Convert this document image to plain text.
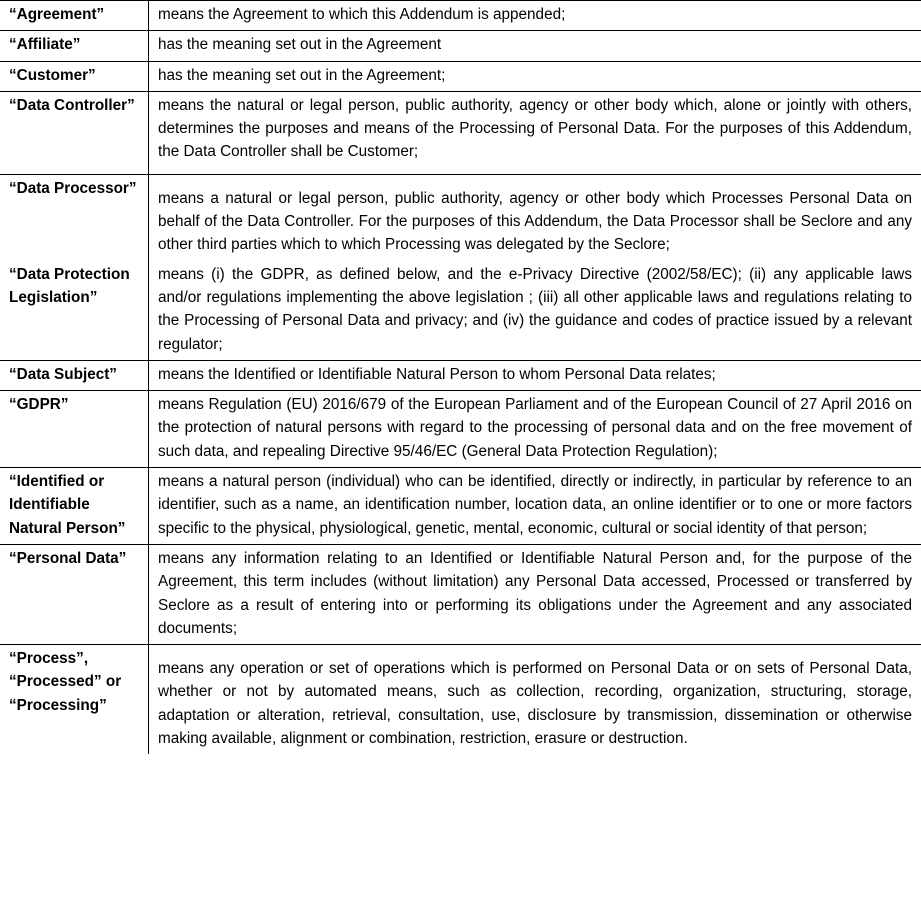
“Agreement”	means the Agreement to which this Addendum is appended;
“Affiliate”	has the meaning set out in the Agreement
“Customer”	has the meaning set out in the Agreement;
“Data Controller”	means the natural or legal person, public authority, agency or other body which, alone or jointly with others, determines the purposes and means of the Processing of Personal Data. For the purposes of this Addendum, the Data Controller shall be Customer;
“Data Processor”	means a natural or legal person, public authority, agency or other body which Processes Personal Data on behalf of the Data Controller. For the purposes of this Addendum, the Data Processor shall be Seclore and any other third parties which to which Processing was delegated by the Seclore;
“Data Protection Legislation”	means (i) the GDPR, as defined below, and the e-Privacy Directive (2002/58/EC); (ii) any applicable laws and/or regulations implementing the above legislation ; (iii) all other applicable laws and regulations relating to the Processing of Personal Data and privacy; and (iv) the guidance and codes of practice issued by a relevant regulator;
“Data Subject”	means the Identified or Identifiable Natural Person to whom Personal Data relates;
“GDPR”	means Regulation (EU) 2016/679 of the European Parliament and of the European Council of 27 April 2016 on the protection of natural persons with regard to the processing of personal data and on the free movement of such data, and repealing Directive 95/46/EC (General Data Protection Regulation);
“Identified or Identifiable Natural Person”	means a natural person (individual) who can be identified, directly or indirectly, in particular by reference to an identifier, such as a name, an identification number, location data, an online identifier or to one or more factors specific to the physical, physiological, genetic, mental, economic, cultural or social identity of that person;
“Personal Data”	means any information relating to an Identified or Identifiable Natural Person and, for the purpose of the Agreement, this term includes (without limitation) any Personal Data accessed, Processed or transferred by Seclore as a result of entering into or performing its obligations under the Agreement and any associated documents;
“Process”, “Processed” or “Processing”	means any operation or set of operations which is performed on Personal Data or on sets of Personal Data, whether or not by automated means, such as collection, recording, organization, structuring, storage, adaptation or alteration, retrieval, consultation, use, disclosure by transmission, dissemination or otherwise making available, alignment or combination, restriction, erasure or destruction.
